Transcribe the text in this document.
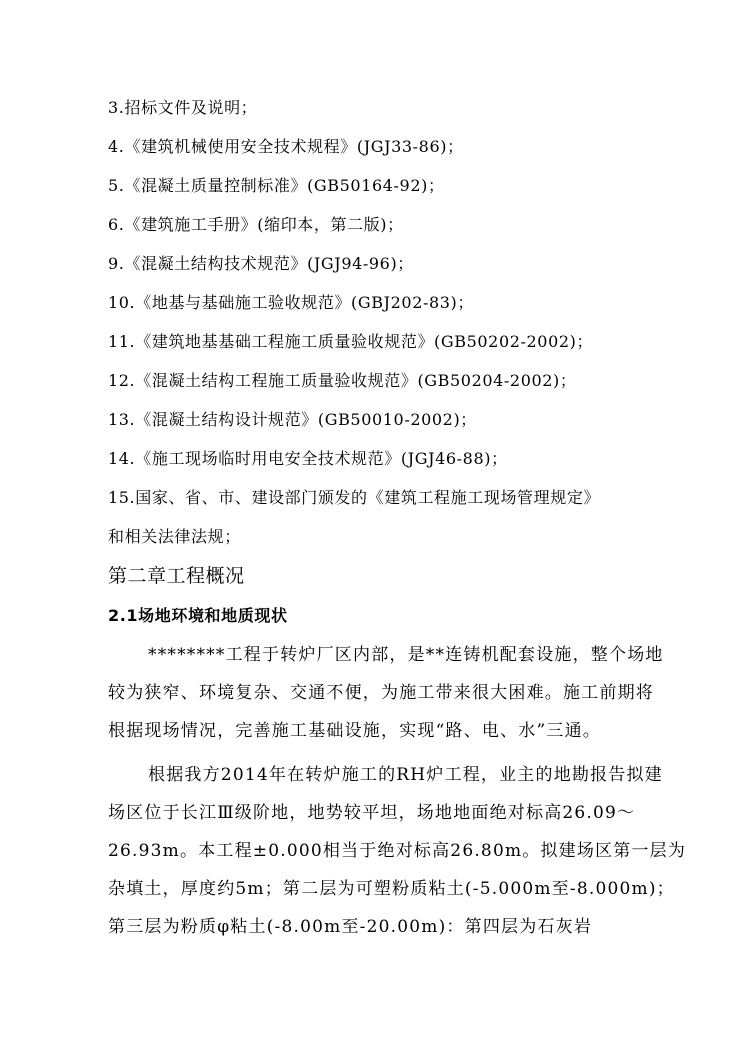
3.招标文件及说明；
4.《建筑机械使用安全技术规程》(JGJ33-86)；
5.《混凝土质量控制标准》(GB50164-92)；
6.《建筑施工手册》(缩印本，第二版)；
9.《混凝土结构技术规范》(JGJ94-96)；
10.《地基与基础施工验收规范》(GBJ202-83)；
11.《建筑地基基础工程施工质量验收规范》(GB50202-2002)；
12.《混凝土结构工程施工质量验收规范》(GB50204-2002)；
13.《混凝土结构设计规范》(GB50010-2002)；
14.《施工现场临时用电安全技术规范》(JGJ46-88)；
15.国家、省、市、建设部门颁发的《建筑工程施工现场管理规定》
和相关法律法规；
第二章工程概况
2.1场地环境和地质现状
********工程于转炉厂区内部，是**连铸机配套设施，整个场地
较为狭窄、环境复杂、交通不便，为施工带来很大困难。施工前期将
根据现场情况，完善施工基础设施，实现“路、电、水”三通。
根据我方2014年在转炉施工的RH炉工程，业主的地勘报告拟建
场区位于长江Ⅲ级阶地，地势较平坦，场地地面绝对标高26.09～
26.93m。本工程±0.000相当于绝对标高26.80m。拟建场区第一层为
杂填土，厚度约5m；第二层为可塑粉质粘土(-5.000m至-8.000m)；
第三层为粉质φ粘土(-8.00m至-20.00m)：第四层为石灰岩
